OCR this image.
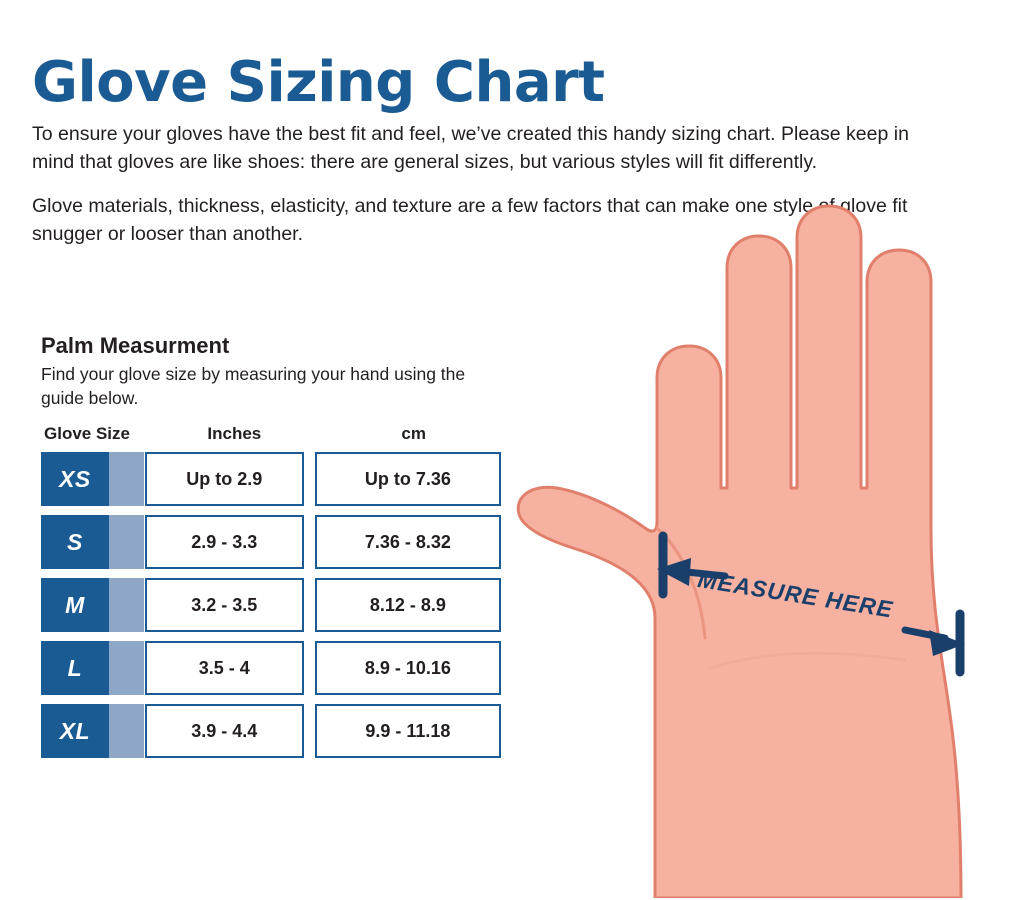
Glove Sizing Chart

To ensure your gloves have the best fit and feel, we’ve created this handy sizing chart. Please keep in mind that gloves are like shoes: there are general sizes, but various styles will fit differently.

Glove materials, thickness, elasticity, and texture are a few factors that can make one style of glove fit snugger or looser than another.

Palm Measurment
Find your glove size by measuring your hand using the guide below.
Glove Size	Inches	cm
XS	Up to 2.9	Up to 7.36
S	2.9 - 3.3	7.36 - 8.32
M	3.2 - 3.5	8.12 - 8.9
L	3.5 - 4	8.9 - 10.16
XL	3.9 - 4.4	9.9 - 11.18
MEASURE HERE
